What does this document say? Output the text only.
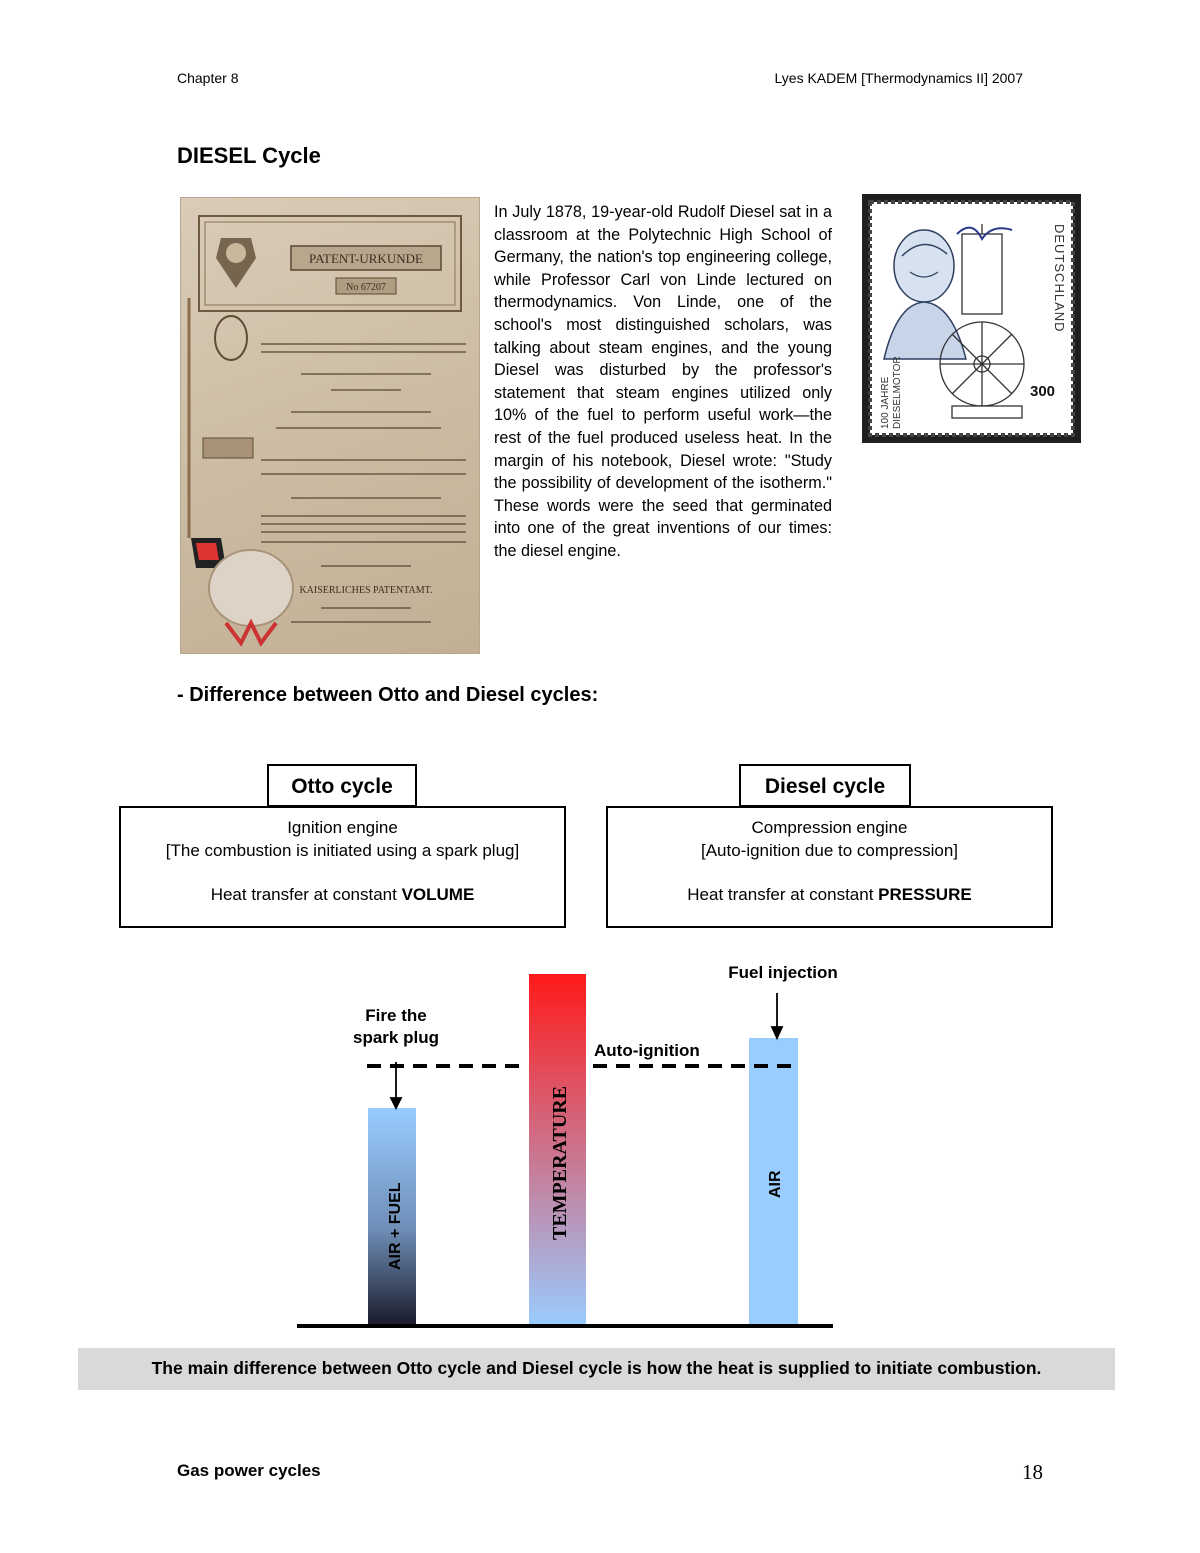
Chapter 8	Lyes KADEM [Thermodynamics II] 2007
DIESEL Cycle
PATENT-URKUNDE
No 67207
KAISERLICHES PATENTAMT.
In July 1878, 19-year-old Rudolf Diesel sat in a classroom at the Polytechnic High School of Germany, the nation's top engineering college, while Professor Carl von Linde lectured on thermodynamics. Von Linde, one of the school's most distinguished scholars, was talking about steam engines, and the young Diesel was disturbed by the professor's statement that steam engines utilized only 10% of the fuel to perform useful work—the rest of the fuel produced useless heat. In the margin of his notebook, Diesel wrote: "Study the possibility of development of the isotherm." These words were the seed that germinated into one of the great inventions of our times: the diesel engine.
DEUTSCHLAND
100 JAHRE DIESELMOTOR	300
- Difference between Otto and Diesel cycles:
Ignition engine
[The combustion is initiated using a spark plug]
Heat transfer at constant VOLUME
Otto cycle
Compression engine
[Auto-ignition due to compression]
Heat transfer at constant PRESSURE
Diesel cycle
Fire the
spark plug
Auto-ignition
Fuel injection
AIR + FUEL	TEMPERATURE	AIR
The main difference between Otto cycle and Diesel cycle is how the heat is supplied to initiate combustion.
Gas power cycles	18
